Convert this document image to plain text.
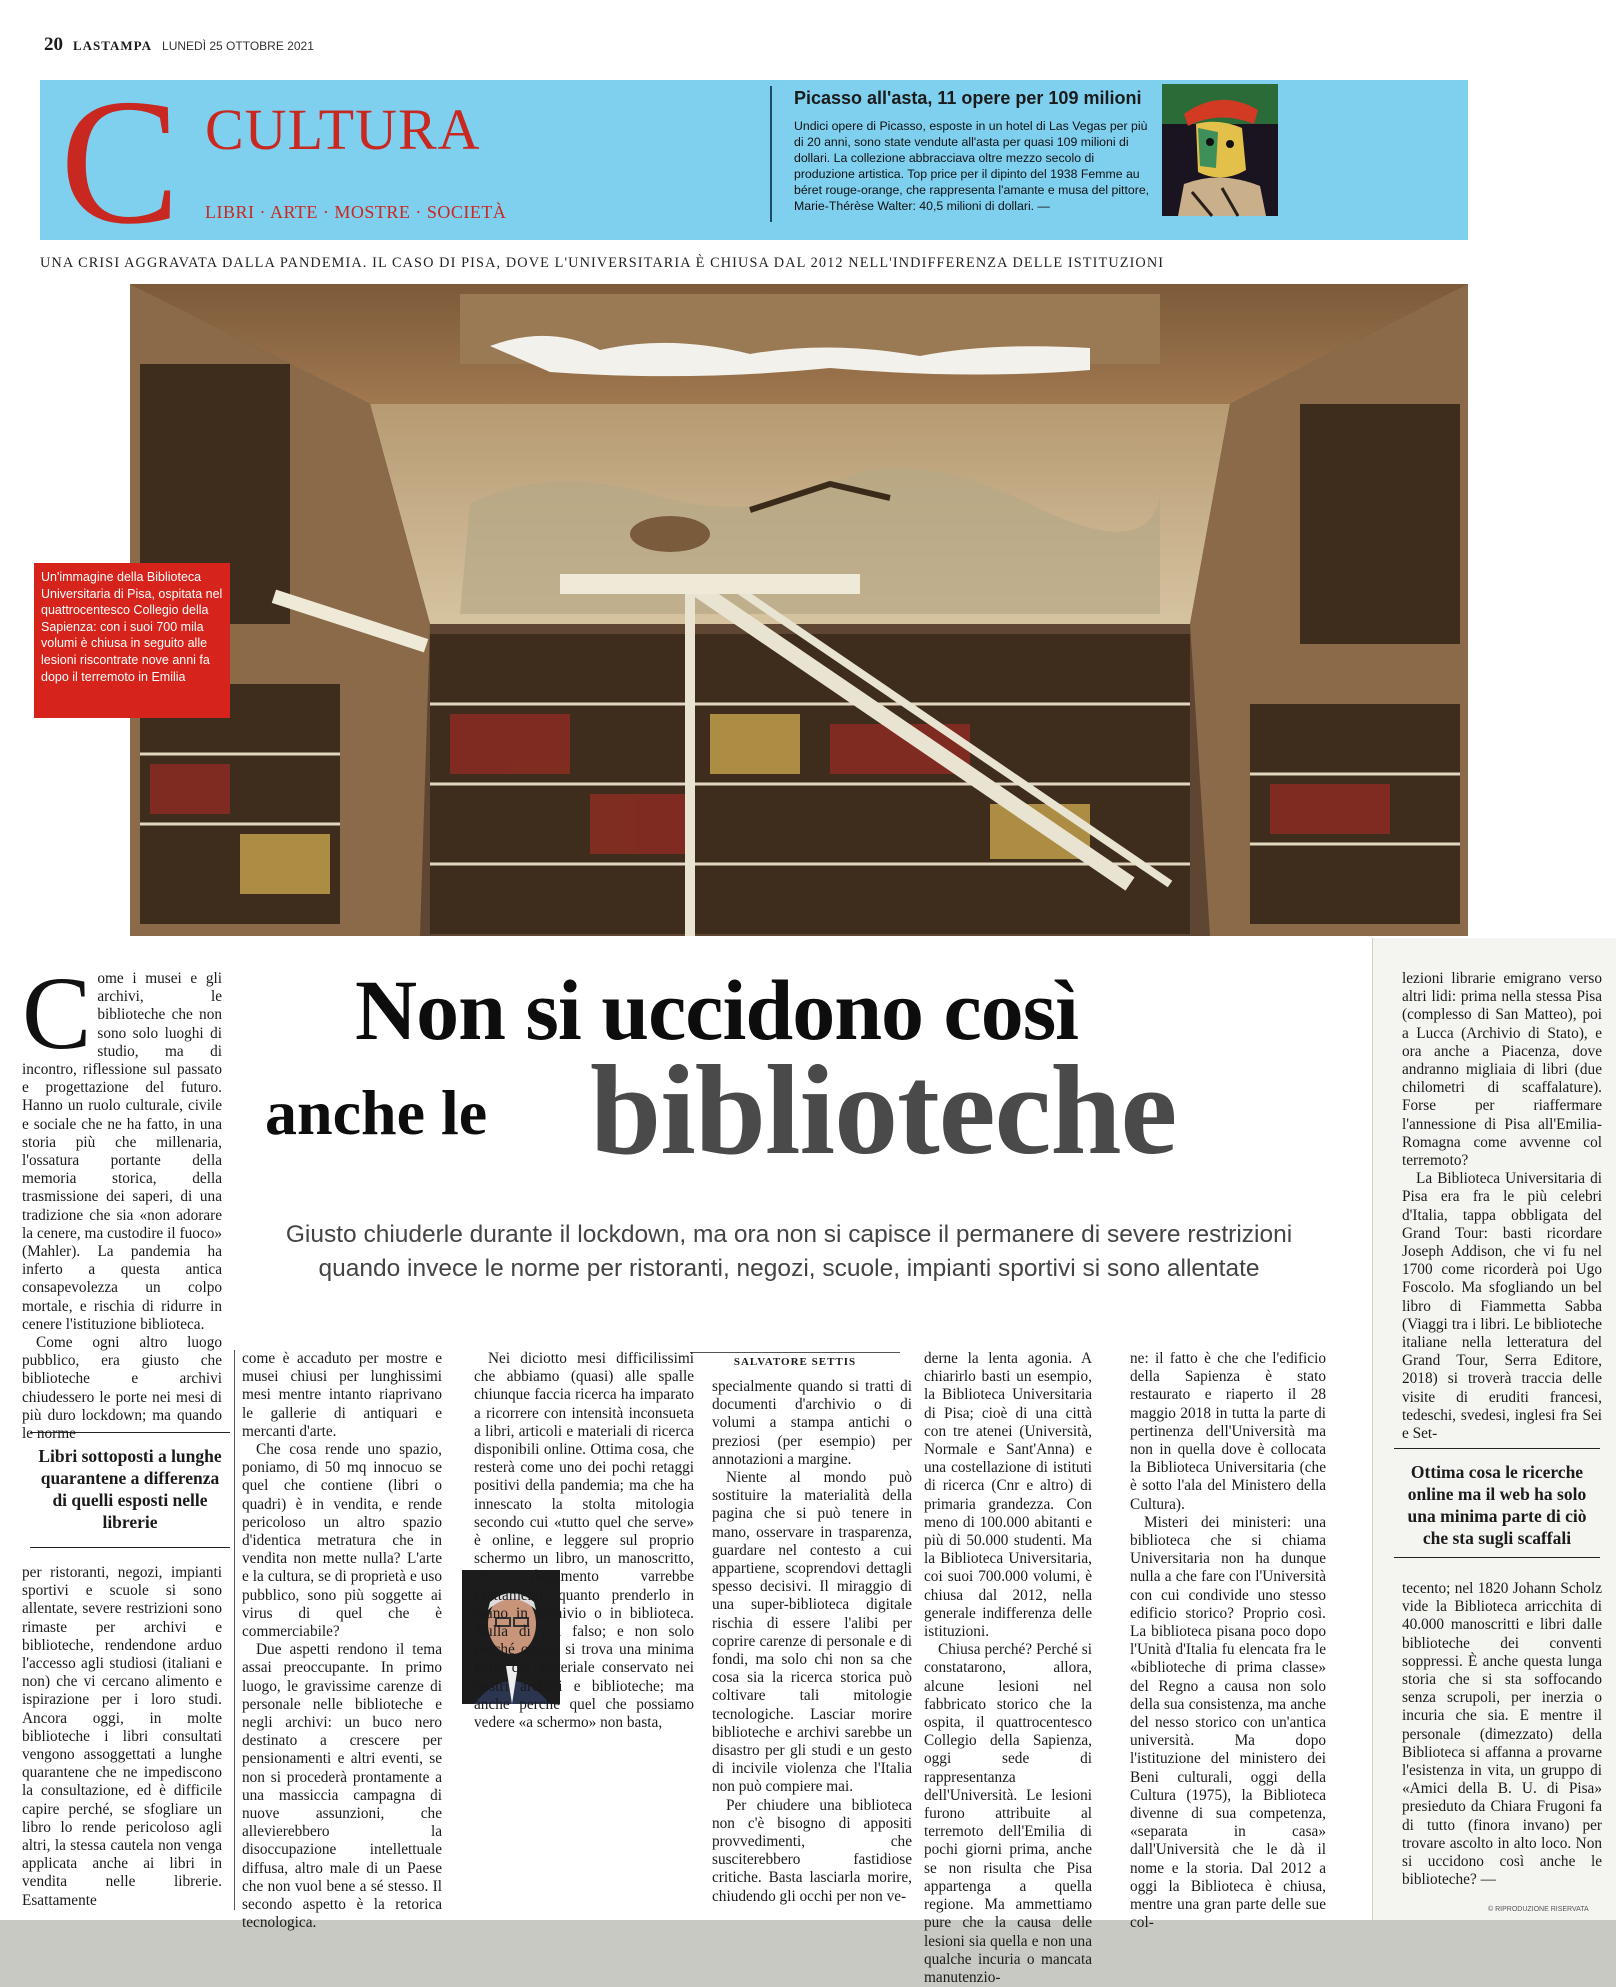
20 LASTAMPA LUNEDÌ 25 OTTOBRE 2021
C CULTURA
LIBRI · ARTE · MOSTRE · SOCIETÀ
Picasso all'asta, 11 opere per 109 milioni
Undici opere di Picasso, esposte in un hotel di Las Vegas per più di 20 anni, sono state vendute all'asta per quasi 109 milioni di dollari. La collezione abbracciava oltre mezzo secolo di produzione artistica. Top price per il dipinto del 1938 Femme au béret rouge-orange, che rappresenta l'amante e musa del pittore, Marie-Thérèse Walter: 40,5 milioni di dollari. —
UNA CRISI AGGRAVATA DALLA PANDEMIA. IL CASO DI PISA, DOVE L'UNIVERSITARIA È CHIUSA DAL 2012 NELL'INDIFFERENZA DELLE ISTITUZIONI
Un'immagine della Biblioteca Universitaria di Pisa, ospitata nel quattrocentesco Collegio della Sapienza: con i suoi 700 mila volumi è chiusa in seguito alle lesioni riscontrate nove anni fa dopo il terremoto in Emilia
Non si uccidono così
anche le biblioteche
Giusto chiuderle durante il lockdown, ma ora non si capisce il permanere di severe restrizioni
quando invece le norme per ristoranti, negozi, scuole, impianti sportivi si sono allentate
SALVATORE SETTIS
C ome i musei e gli archivi, le biblioteche che non sono solo luoghi di studio, ma di incontro, riflessione sul passato e progettazione del futuro. Hanno un ruolo culturale, civile e sociale che ne ha fatto, in una storia più che millenaria, l'ossatura portante della memoria storica, della trasmissione dei saperi, di una tradizione che sia «non adorare la cenere, ma custodire il fuoco» (Mahler). La pandemia ha inferto a questa antica consapevolezza un colpo mortale, e rischia di ridurre in cenere l'istituzione biblioteca.

Come ogni altro luogo pubblico, era giusto che biblioteche e archivi chiudessero le porte nei mesi di più duro lockdown; ma quando le norme

Libri sottoposti a lunghe quarantene a differenza di quelli esposti nelle librerie

per ristoranti, negozi, impianti sportivi e scuole si sono allentate, severe restrizioni sono rimaste per archivi e biblioteche, rendendone arduo l'accesso agli studiosi (italiani e non) che vi cercano alimento e ispirazione per i loro studi. Ancora oggi, in molte biblioteche i libri consultati vengono assoggettati a lunghe quarantene che ne impediscono la consultazione, ed è difficile capire perché, se sfogliare un libro lo rende pericoloso agli altri, la stessa cautela non venga applicata anche ai libri in vendita nelle librerie. Esattamente

come è accaduto per mostre e musei chiusi per lunghissimi mesi mentre intanto riaprivano le gallerie di antiquari e mercanti d'arte.

Che cosa rende uno spazio, poniamo, di 50 mq innocuo se quel che contiene (libri o quadri) è in vendita, e rende pericoloso un altro spazio d'identica metratura che in vendita non mette nulla? L'arte e la cultura, se di proprietà e uso pubblico, sono più soggette ai virus di quel che è commerciabile?

Due aspetti rendono il tema assai preoccupante. In primo luogo, le gravissime carenze di personale nelle biblioteche e negli archivi: un buco nero destinato a crescere per pensionamenti e altri eventi, se non si procederà prontamente a una massiccia campagna di nuove assunzioni, che allevierebbero la disoccupazione intellettuale diffusa, altro male di un Paese che non vuol bene a sé stesso. Il secondo aspetto è la retorica tecnologica.

Nei diciotto mesi difficilissimi che abbiamo (quasi) alle spalle chiunque faccia ricerca ha imparato a ricorrere con intensità inconsueta a libri, articoli e materiali di ricerca disponibili online. Ottima cosa, che resterà come uno dei pochi retaggi positivi della pandemia; ma che ha innescato la stolta mitologia secondo cui «tutto quel che serve» è online, e leggere sul proprio schermo un libro, un manoscritto, un documento varrebbe esattamente quanto prenderlo in mano in archivio o in biblioteca. Nulla di più falso; e non solo perché online si trova una minima parte del materiale conservato nei nostri archivi e biblioteche; ma anche perché quel che possiamo vedere «a schermo» non basta,

specialmente quando si tratti di documenti d'archivio o di volumi a stampa antichi o preziosi (per esempio) per annotazioni a margine.

Niente al mondo può sostituire la materialità della pagina che si può tenere in mano, osservare in trasparenza, guardare nel contesto a cui appartiene, scoprendovi dettagli spesso decisivi. Il miraggio di una super-biblioteca digitale rischia di essere l'alibi per coprire carenze di personale e di fondi, ma solo chi non sa che cosa sia la ricerca storica può coltivare tali mitologie tecnologiche. Lasciar morire biblioteche e archivi sarebbe un disastro per gli studi e un gesto di incivile violenza che l'Italia non può compiere mai.

Per chiudere una biblioteca non c'è bisogno di appositi provvedimenti, che susciterebbero fastidiose critiche. Basta lasciarla morire, chiudendo gli occhi per non ve-

derne la lenta agonia. A chiarirlo basti un esempio, la Biblioteca Universitaria di Pisa; cioè di una città con tre atenei (Università, Normale e Sant'Anna) e una costellazione di istituti di ricerca (Cnr e altro) di primaria grandezza. Con meno di 100.000 abitanti e più di 50.000 studenti. Ma la Biblioteca Universitaria, coi suoi 700.000 volumi, è chiusa dal 2012, nella generale indifferenza delle istituzioni.

Chiusa perché? Perché si constatarono, allora, alcune lesioni nel fabbricato storico che la ospita, il quattrocentesco Collegio della Sapienza, oggi sede di rappresentanza dell'Università. Le lesioni furono attribuite al terremoto dell'Emilia di pochi giorni prima, anche se non risulta che Pisa appartenga a quella regione. Ma ammettiamo pure che la causa delle lesioni sia quella e non una qualche incuria o mancata manutenzio-

ne: il fatto è che che l'edificio della Sapienza è stato restaurato e riaperto il 28 maggio 2018 in tutta la parte di pertinenza dell'Università ma non in quella dove è collocata la Biblioteca Universitaria (che è sotto l'ala del Ministero della Cultura).

Misteri dei ministeri: una biblioteca che si chiama Universitaria non ha dunque nulla a che fare con l'Università con cui condivide uno stesso edificio storico? Proprio così. La biblioteca pisana poco dopo l'Unità d'Italia fu elencata fra le «biblioteche di prima classe» del Regno a causa non solo della sua consistenza, ma anche del nesso storico con un'antica università. Ma dopo l'istituzione del ministero dei Beni culturali, oggi della Cultura (1975), la Biblioteca divenne di sua competenza, «separata in casa» dall'Università che le dà il nome e la storia. Dal 2012 a oggi la Biblioteca è chiusa, mentre una gran parte delle sue col-

lezioni librarie emigrano verso altri lidi: prima nella stessa Pisa (complesso di San Matteo), poi a Lucca (Archivio di Stato), e ora anche a Piacenza, dove andranno migliaia di libri (due chilometri di scaffalature). Forse per riaffermare l'annessione di Pisa all'Emilia-Romagna come avvenne col terremoto?

La Biblioteca Universitaria di Pisa era fra le più celebri d'Italia, tappa obbligata del Grand Tour: basti ricordare Joseph Addison, che vi fu nel 1700 come ricorderà poi Ugo Foscolo. Ma sfogliando un bel libro di Fiammetta Sabba (Viaggi tra i libri. Le biblioteche italiane nella letteratura del Grand Tour, Serra Editore, 2018) si troverà traccia delle visite di eruditi francesi, tedeschi, svedesi, inglesi fra Sei e Set-

Ottima cosa le ricerche online ma il web ha solo una minima parte di ciò che sta sugli scaffali

tecento; nel 1820 Johann Scholz vide la Biblioteca arricchita di 40.000 manoscritti e libri dalle biblioteche dei conventi soppressi. È anche questa lunga storia che si sta soffocando senza scrupoli, per inerzia o incuria che sia. E mentre il personale (dimezzato) della Biblioteca si affanna a provarne l'esistenza in vita, un gruppo di «Amici della B. U. di Pisa» presieduto da Chiara Frugoni fa di tutto (finora invano) per trovare ascolto in alto loco. Non si uccidono così anche le biblioteche? —

© RIPRODUZIONE RISERVATA
